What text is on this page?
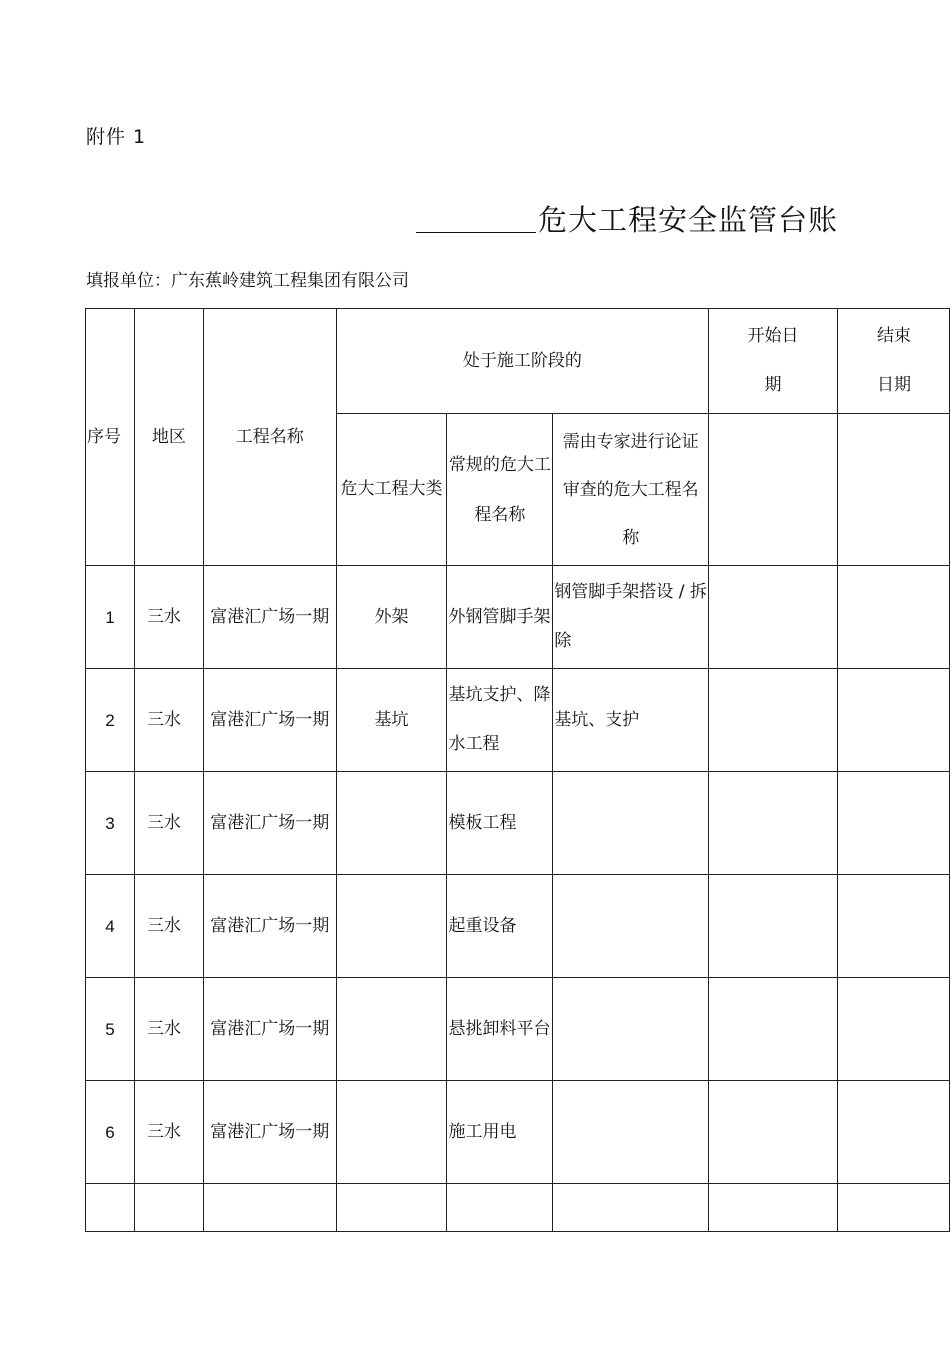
附件 1
危大工程安全监管台账
填报单位：广东蕉岭建筑工程集团有限公司
序号	地区	工程名称	处于施工阶段的			开始日期	结束日期
			危大工程大类	常规的危大工程名称	需由专家进行论证审查的危大工程名称		
1	三水	富港汇广场一期	外架	外钢管脚手架	钢管脚手架搭设 / 拆除		
2	三水	富港汇广场一期	基坑	基坑支护、降水工程	基坑、支护		
3	三水	富港汇广场一期		模板工程			
4	三水	富港汇广场一期		起重设备			
5	三水	富港汇广场一期		悬挑卸料平台			
6	三水	富港汇广场一期		施工用电			
